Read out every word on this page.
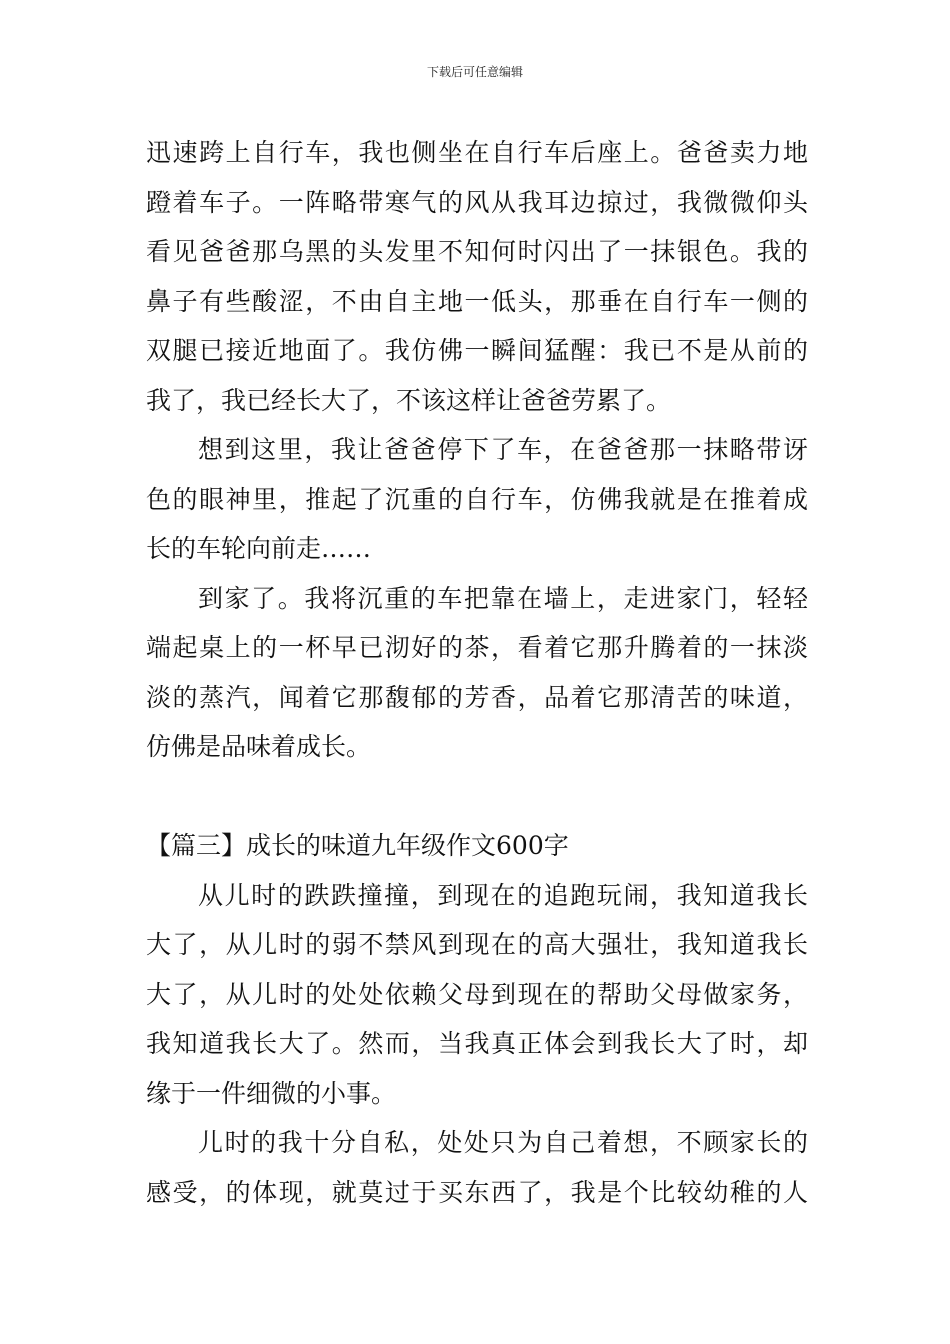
下载后可任意编辑
迅速跨上自行车，我也侧坐在自行车后座上。爸爸卖力地
蹬着车子。一阵略带寒气的风从我耳边掠过，我微微仰头
看见爸爸那乌黑的头发里不知何时闪出了一抹银色。我的
鼻子有些酸涩，不由自主地一低头，那垂在自行车一侧的
双腿已接近地面了。我仿佛一瞬间猛醒：我已不是从前的
我了，我已经长大了，不该这样让爸爸劳累了。
想到这里，我让爸爸停下了车，在爸爸那一抹略带讶
色的眼神里，推起了沉重的自行车，仿佛我就是在推着成
长的车轮向前走……
到家了。我将沉重的车把靠在墙上，走进家门，轻轻
端起桌上的一杯早已沏好的茶，看着它那升腾着的一抹淡
淡的蒸汽，闻着它那馥郁的芳香，品着它那清苦的味道，
仿佛是品味着成长。
【篇三】成长的味道九年级作文600字
从儿时的跌跌撞撞，到现在的追跑玩闹，我知道我长
大了，从儿时的弱不禁风到现在的高大强壮，我知道我长
大了，从儿时的处处依赖父母到现在的帮助父母做家务，
我知道我长大了。然而，当我真正体会到我长大了时，却
缘于一件细微的小事。
儿时的我十分自私，处处只为自己着想，不顾家长的
感受，的体现，就莫过于买东西了，我是个比较幼稚的人
